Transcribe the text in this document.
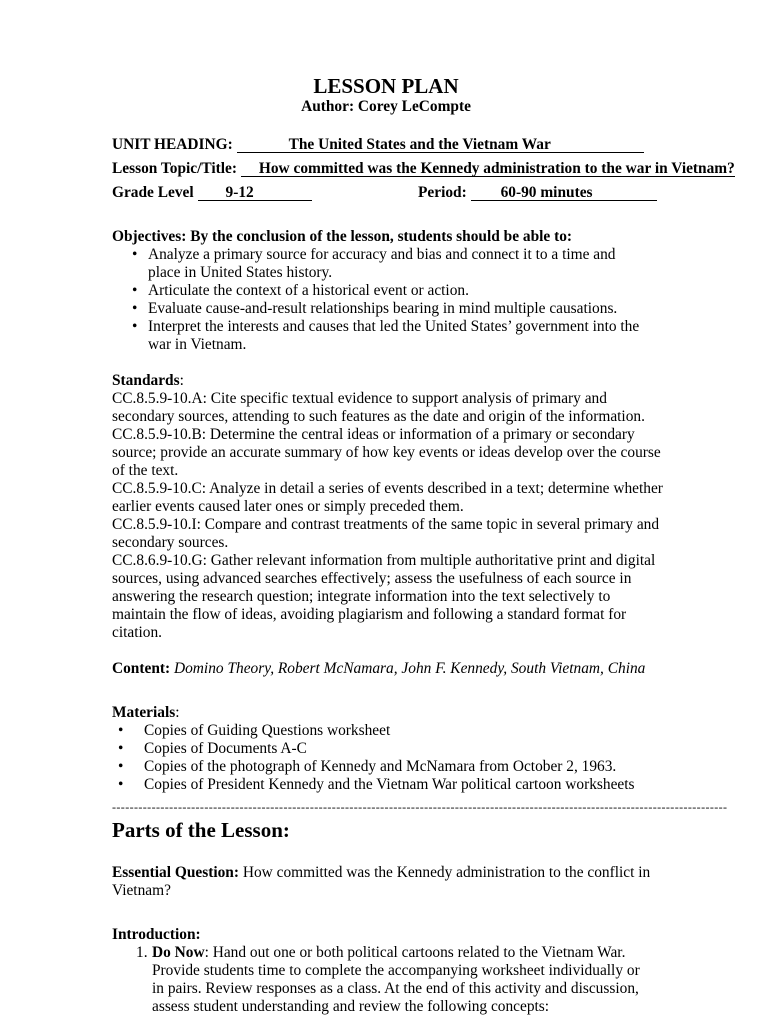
LESSON PLAN
Author: Corey LeCompte
UNIT HEADING:	The United States and the Vietnam War
Lesson Topic/Title: How committed was the Kennedy administration to the war in Vietnam?
Grade Level 9-12	Period: 60-90 minutes

Objectives: By the conclusion of the lesson, students should be able to:

• Analyze a primary source for accuracy and bias and connect it to a time and place in United States history.
• Articulate the context of a historical event or action.
• Evaluate cause-and-result relationships bearing in mind multiple causations.
• Interpret the interests and causes that led the United States’ government into the war in Vietnam.

Standards:

CC.8.5.9-10.A: Cite specific textual evidence to support analysis of primary and secondary sources, attending to such features as the date and origin of the information.

CC.8.5.9-10.B: Determine the central ideas or information of a primary or secondary source; provide an accurate summary of how key events or ideas develop over the course of the text.

CC.8.5.9-10.C: Analyze in detail a series of events described in a text; determine whether earlier events caused later ones or simply preceded them.

CC.8.5.9-10.I: Compare and contrast treatments of the same topic in several primary and secondary sources.

CC.8.6.9-10.G: Gather relevant information from multiple authoritative print and digital sources, using advanced searches effectively; assess the usefulness of each source in answering the research question; integrate information into the text selectively to maintain the flow of ideas, avoiding plagiarism and following a standard format for citation.

Content: Domino Theory, Robert McNamara, John F. Kennedy, South Vietnam, China

Materials:

• Copies of Guiding Questions worksheet
• Copies of Documents A-C
• Copies of the photograph of Kennedy and McNamara from October 2, 1963.
• Copies of President Kennedy and the Vietnam War political cartoon worksheets
--------------------------------------------------------------------------------------------------------------------------------------------
Parts of the Lesson:
Essential Question: How committed was the Kennedy administration to the conflict in Vietnam?

Introduction:

1. Do Now: Hand out one or both political cartoons related to the Vietnam War. Provide students time to complete the accompanying worksheet individually or in pairs. Review responses as a class. At the end of this activity and discussion, assess student understanding and review the following concepts:
